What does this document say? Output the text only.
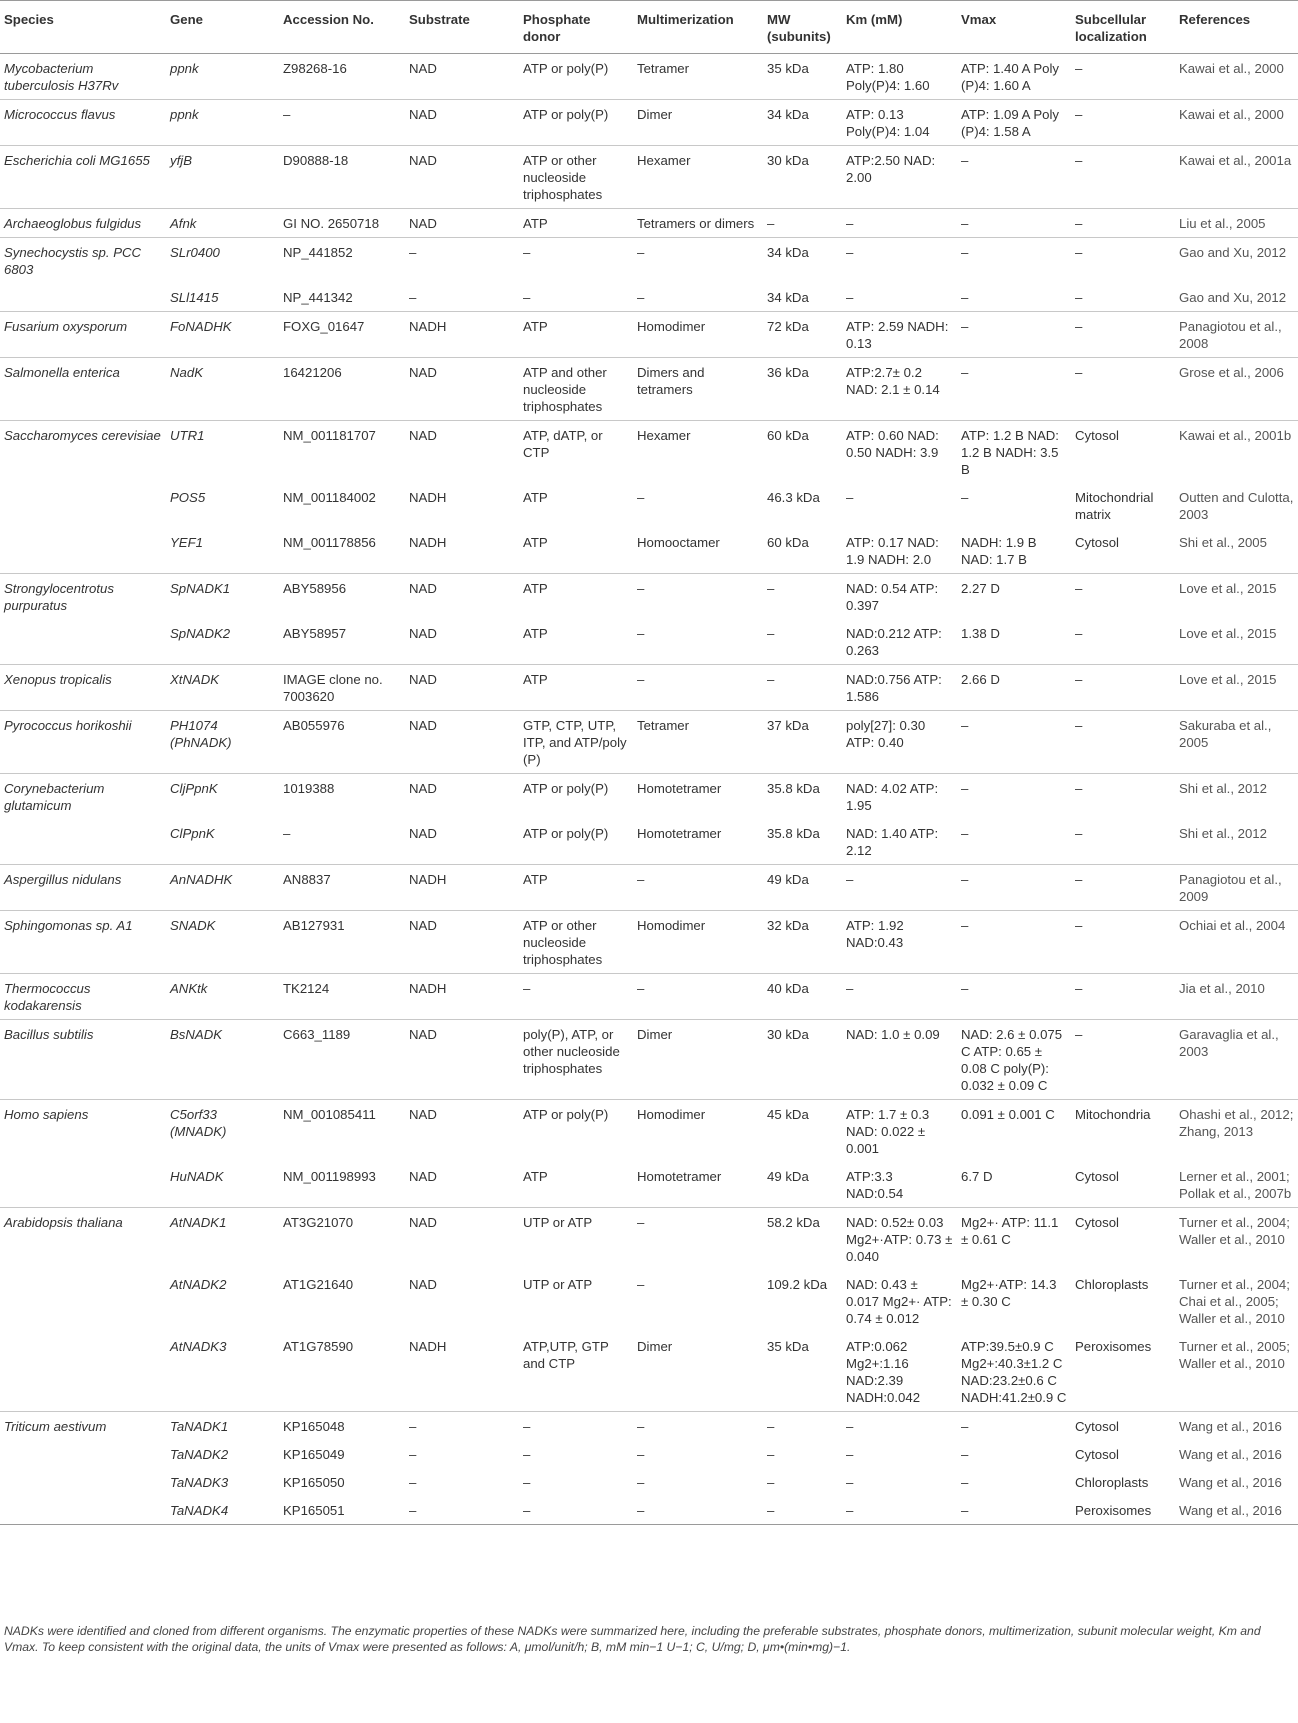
Species	Gene	Accession No.	Substrate	Phosphate donor	Multimerization	MW (subunits)	Km (mM)	Vmax	Subcellular localization	References
Mycobacterium tuberculosis H37Rv	ppnk	Z98268-16	NAD	ATP or poly(P)	Tetramer	35 kDa	ATP: 1.80 Poly(P)4: 1.60	ATP: 1.40 A Poly (P)4: 1.60 A	–	Kawai et al., 2000
Micrococcus flavus	ppnk	–	NAD	ATP or poly(P)	Dimer	34 kDa	ATP: 0.13 Poly(P)4: 1.04	ATP: 1.09 A Poly (P)4: 1.58 A	–	Kawai et al., 2000
Escherichia coli MG1655	yfjB	D90888-18	NAD	ATP or other nucleoside triphosphates	Hexamer	30 kDa	ATP:2.50 NAD: 2.00	–	–	Kawai et al., 2001a
Archaeoglobus fulgidus	Afnk	GI NO. 2650718	NAD	ATP	Tetramers or dimers	–	–	–	–	Liu et al., 2005
Synechocystis sp. PCC 6803	SLr0400	NP_441852	–	–	–	34 kDa	–	–	–	Gao and Xu, 2012
	SLl1415	NP_441342	–	–	–	34 kDa	–	–	–	Gao and Xu, 2012
Fusarium oxysporum	FoNADHK	FOXG_01647	NADH	ATP	Homodimer	72 kDa	ATP: 2.59 NADH: 0.13	–	–	Panagiotou et al., 2008
Salmonella enterica	NadK	16421206	NAD	ATP and other nucleoside triphosphates	Dimers and tetramers	36 kDa	ATP:2.7± 0.2 NAD: 2.1 ± 0.14	–	–	Grose et al., 2006
Saccharomyces cerevisiae	UTR1	NM_001181707	NAD	ATP, dATP, or CTP	Hexamer	60 kDa	ATP: 0.60 NAD: 0.50 NADH: 3.9	ATP: 1.2 B NAD: 1.2 B NADH: 3.5 B	Cytosol	Kawai et al., 2001b
	POS5	NM_001184002	NADH	ATP	–	46.3 kDa	–	–	Mitochondrial matrix	Outten and Culotta, 2003
	YEF1	NM_001178856	NADH	ATP	Homooctamer	60 kDa	ATP: 0.17 NAD: 1.9 NADH: 2.0	NADH: 1.9 B NAD: 1.7 B	Cytosol	Shi et al., 2005
Strongylocentrotus purpuratus	SpNADK1	ABY58956	NAD	ATP	–	–	NAD: 0.54 ATP: 0.397	2.27 D	–	Love et al., 2015
	SpNADK2	ABY58957	NAD	ATP	–	–	NAD:0.212 ATP: 0.263	1.38 D	–	Love et al., 2015
Xenopus tropicalis	XtNADK	IMAGE clone no. 7003620	NAD	ATP	–	–	NAD:0.756 ATP: 1.586	2.66 D	–	Love et al., 2015
Pyrococcus horikoshii	PH1074 (PhNADK)	AB055976	NAD	GTP, CTP, UTP, ITP, and ATP/poly (P)	Tetramer	37 kDa	poly[27]: 0.30 ATP: 0.40	–	–	Sakuraba et al., 2005
Corynebacterium glutamicum	CljPpnK	1019388	NAD	ATP or poly(P)	Homotetramer	35.8 kDa	NAD: 4.02 ATP: 1.95	–	–	Shi et al., 2012
	ClPpnK	–	NAD	ATP or poly(P)	Homotetramer	35.8 kDa	NAD: 1.40 ATP: 2.12	–	–	Shi et al., 2012
Aspergillus nidulans	AnNADHK	AN8837	NADH	ATP	–	49 kDa	–	–	–	Panagiotou et al., 2009
Sphingomonas sp. A1	SNADK	AB127931	NAD	ATP or other nucleoside triphosphates	Homodimer	32 kDa	ATP: 1.92 NAD:0.43	–	–	Ochiai et al., 2004
Thermococcus kodakarensis	ANKtk	TK2124	NADH	–	–	40 kDa	–	–	–	Jia et al., 2010
Bacillus subtilis	BsNADK	C663_1189	NAD	poly(P), ATP, or other nucleoside triphosphates	Dimer	30 kDa	NAD: 1.0 ± 0.09	NAD: 2.6 ± 0.075 C ATP: 0.65 ± 0.08 C poly(P): 0.032 ± 0.09 C	–	Garavaglia et al., 2003
Homo sapiens	C5orf33 (MNADK)	NM_001085411	NAD	ATP or poly(P)	Homodimer	45 kDa	ATP: 1.7 ± 0.3 NAD: 0.022 ± 0.001	0.091 ± 0.001 C	Mitochondria	Ohashi et al., 2012; Zhang, 2013
	HuNADK	NM_001198993	NAD	ATP	Homotetramer	49 kDa	ATP:3.3 NAD:0.54	6.7 D	Cytosol	Lerner et al., 2001; Pollak et al., 2007b
Arabidopsis thaliana	AtNADK1	AT3G21070	NAD	UTP or ATP	–	58.2 kDa	NAD: 0.52± 0.03 Mg2+·ATP: 0.73 ± 0.040	Mg2+· ATP: 11.1 ± 0.61 C	Cytosol	Turner et al., 2004; Waller et al., 2010
	AtNADK2	AT1G21640	NAD	UTP or ATP	–	109.2 kDa	NAD: 0.43 ± 0.017 Mg2+· ATP: 0.74 ± 0.012	Mg2+·ATP: 14.3 ± 0.30 C	Chloroplasts	Turner et al., 2004; Chai et al., 2005; Waller et al., 2010
	AtNADK3	AT1G78590	NADH	ATP,UTP, GTP and CTP	Dimer	35 kDa	ATP:0.062 Mg2+:1.16 NAD:2.39 NADH:0.042	ATP:39.5±0.9 C Mg2+:40.3±1.2 C NAD:23.2±0.6 C NADH:41.2±0.9 C	Peroxisomes	Turner et al., 2005; Waller et al., 2010
Triticum aestivum	TaNADK1	KP165048	–	–	–	–	–	–	Cytosol	Wang et al., 2016
	TaNADK2	KP165049	–	–	–	–	–	–	Cytosol	Wang et al., 2016
	TaNADK3	KP165050	–	–	–	–	–	–	Chloroplasts	Wang et al., 2016
	TaNADK4	KP165051	–	–	–	–	–	–	Peroxisomes	Wang et al., 2016
NADKs were identified and cloned from different organisms. The enzymatic properties of these NADKs were summarized here, including the preferable substrates, phosphate donors, multimerization, subunit molecular weight, Km and Vmax. To keep consistent with the original data, the units of Vmax were presented as follows: A, μmol/unit/h; B, mM min−1 U−1; C, U/mg; D, μm•(min•mg)−1.
